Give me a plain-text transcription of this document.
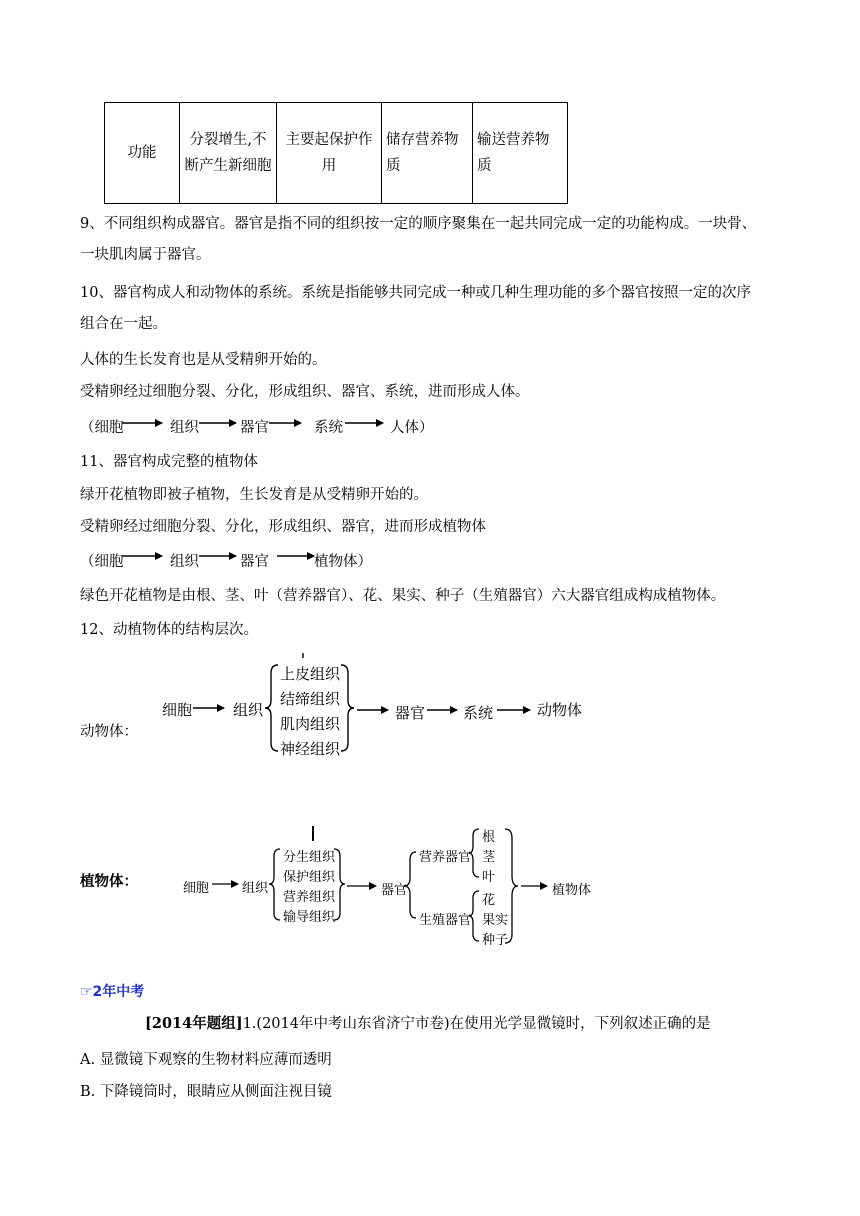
功能	分裂增生,不断产生新细胞	主要起保护作用	储存营养物质	输送营养物质
9、不同组织构成器官。器官是指不同的组织按一定的顺序聚集在一起共同完成一定的功能构成。一块骨、
一块肌肉属于器官。
10、器官构成人和动物体的系统。系统是指能够共同完成一种或几种生理功能的多个器官按照一定的次序
组合在一起。
人体的生长发育也是从受精卵开始的。
受精卵经过细胞分裂、分化，形成组织、器官、系统，进而形成人体。
（细胞	组织	器官	系统	人体）
11、器官构成完整的植物体
绿开花植物即被子植物，生长发育是从受精卵开始的。
受精卵经过细胞分裂、分化，形成组织、器官，进而形成植物体
（细胞	组织	器官	植物体）
绿色开花植物是由根、茎、叶（营养器官）、花、果实、种子（生殖器官）六大器官组成构成植物体。
12、动植物体的结构层次。
动物体：
细胞	组织
上皮组织
结缔组织
肌肉组织
神经组织
器官	系统	动物体
植物体：	细胞	组织
分生组织
保护组织
营养组织
输导组织
器官
营养器官
生殖器官
根
茎
叶
花
果实
种子
植物体
☞2年中考
[2014年题组]1.(2014年中考山东省济宁市卷)在使用光学显微镜时，下列叙述正确的是
A. 显微镜下观察的生物材料应薄而透明
B. 下降镜筒时，眼睛应从侧面注视目镜
